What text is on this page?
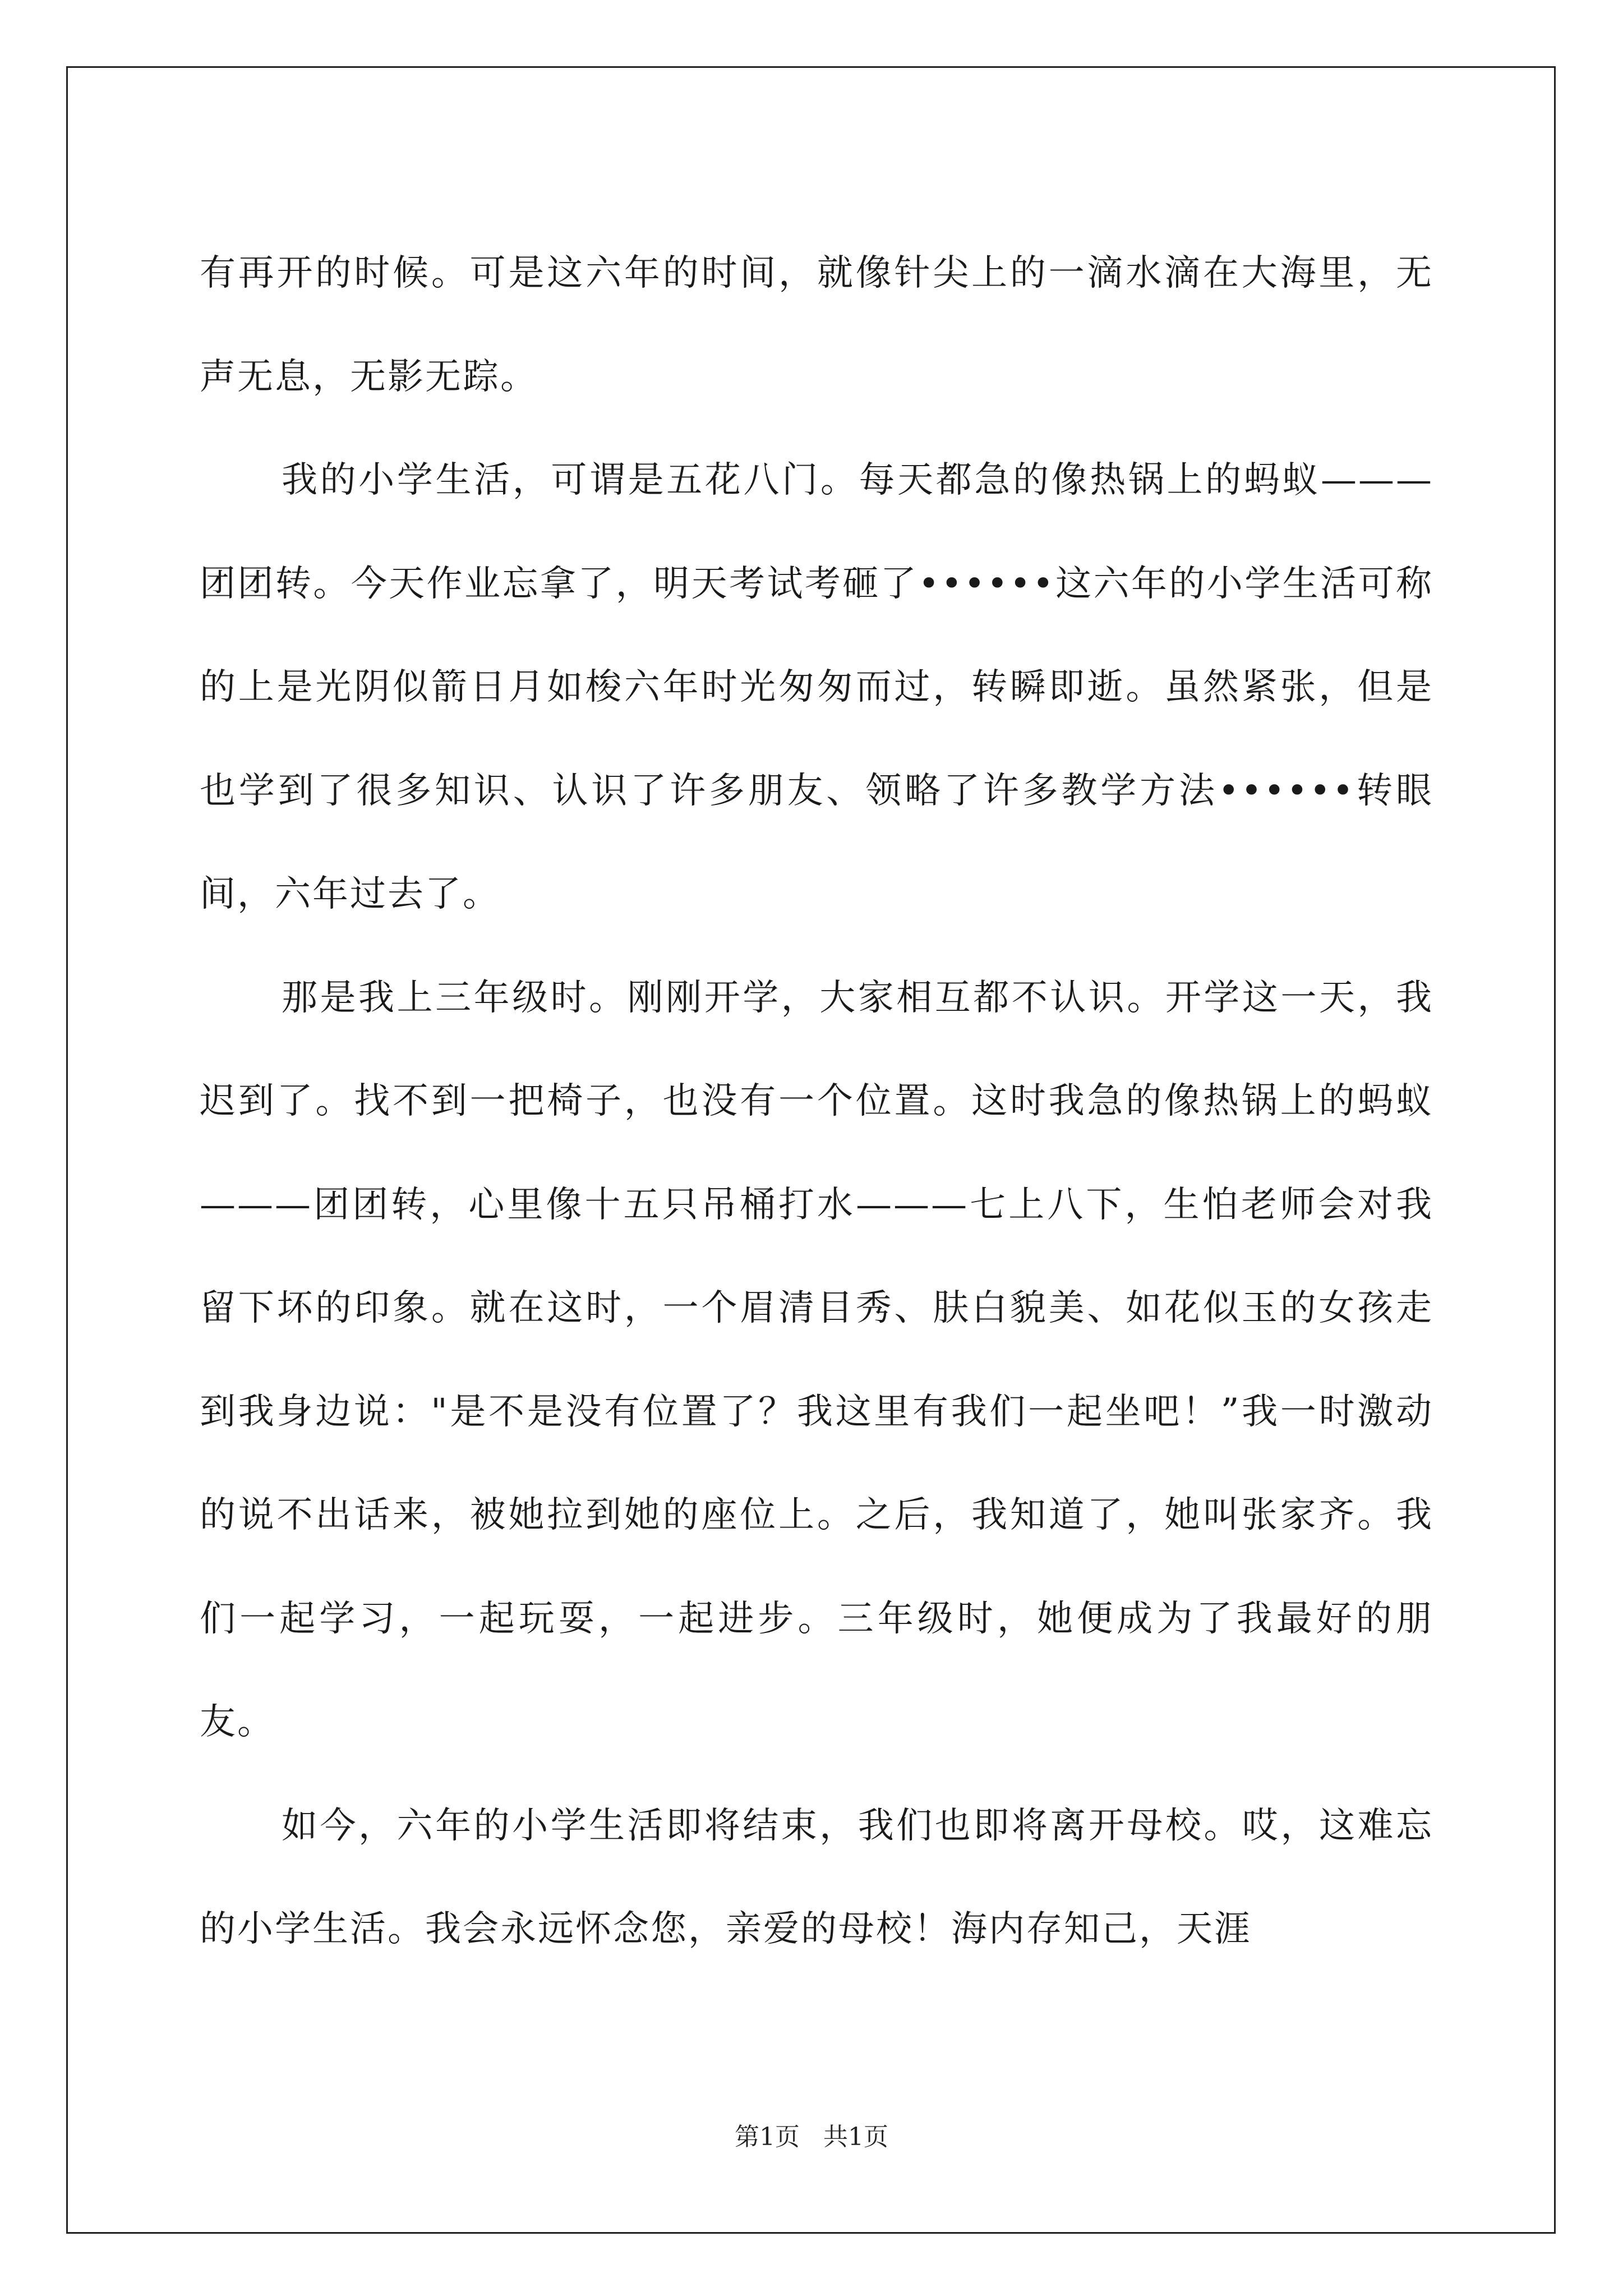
有再开的时候。可是这六年的时间，就像针尖上的一滴水滴在大海里，无声无息，无影无踪。

我的小学生活，可谓是五花八门。每天都急的像热锅上的蚂蚁———团团转。今天作业忘拿了，明天考试考砸了••••••这六年的小学生活可称的上是光阴似箭日月如梭六年时光匆匆而过，转瞬即逝。虽然紧张，但是也学到了很多知识、认识了许多朋友、领略了许多教学方法••••••转眼间，六年过去了。

那是我上三年级时。刚刚开学，大家相互都不认识。开学这一天，我迟到了。找不到一把椅子，也没有一个位置。这时我急的像热锅上的蚂蚁———团团转，心里像十五只吊桶打水———七上八下，生怕老师会对我留下坏的印象。就在这时，一个眉清目秀、肤白貌美、如花似玉的女孩走到我身边说："是不是没有位置了？我这里有我们一起坐吧！”我一时激动的说不出话来，被她拉到她的座位上。之后，我知道了，她叫张家齐。我们一起学习，一起玩耍，一起进步。三年级时，她便成为了我最好的朋友。

如今，六年的小学生活即将结束，我们也即将离开母校。哎，这难忘的小学生活。我会永远怀念您，亲爱的母校！海内存知己，天涯

第1页   共1页
